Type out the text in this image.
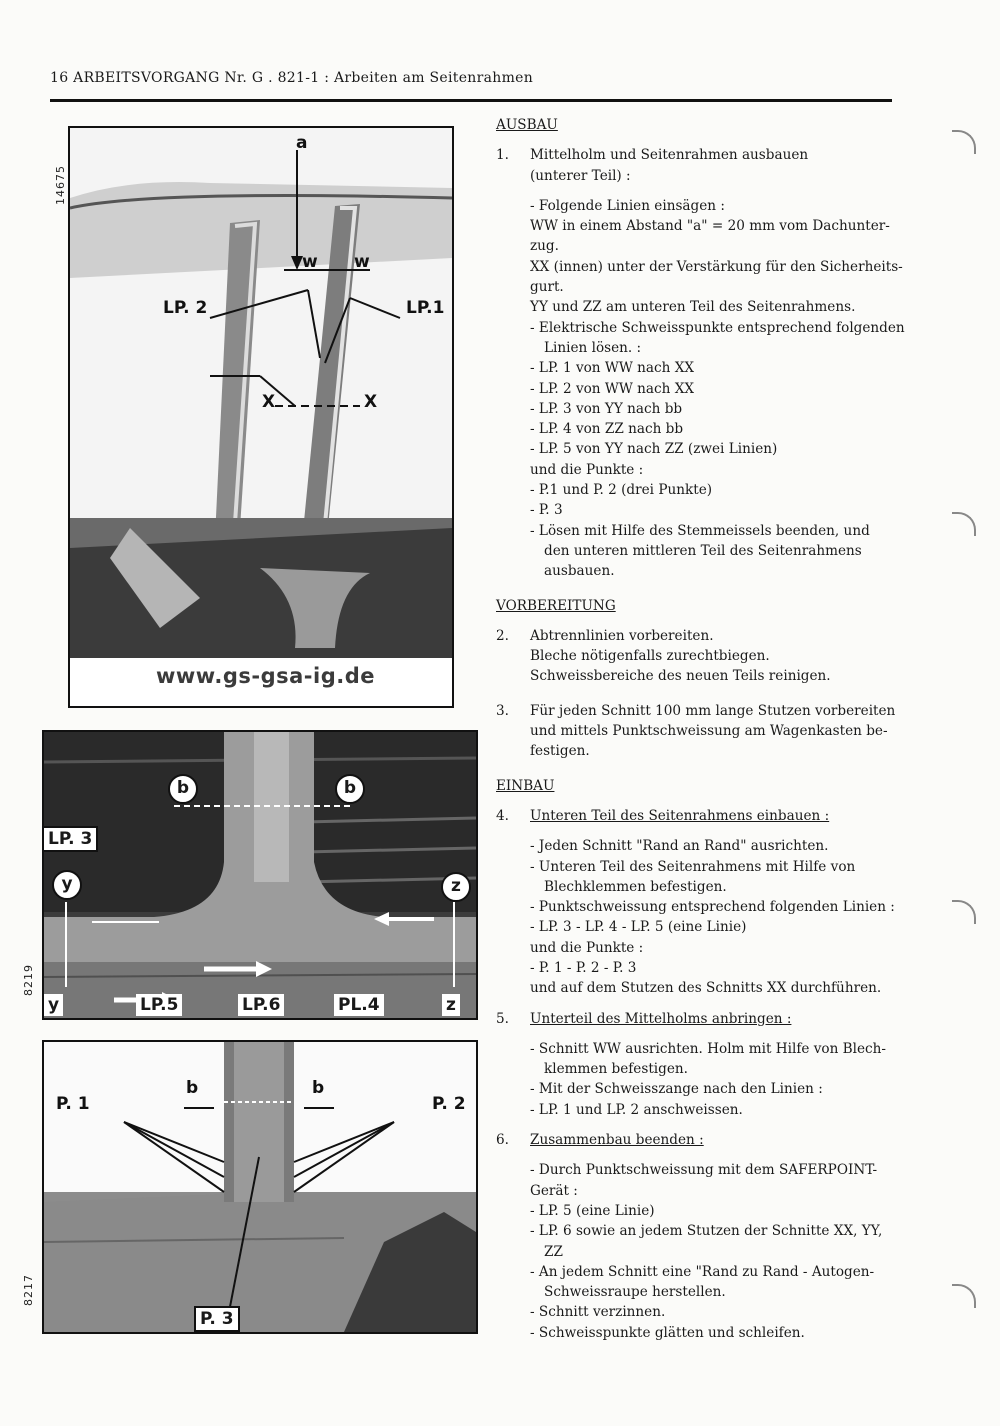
16 ARBEITSVORGANG Nr. G . 821-1 : Arbeiten am Seitenrahmen
14675
a
w w
LP. 2	LP.1
X	X
www.gs-gsa-ig.de
8219
b	b
LP. 3
y	z
y	LP.5	LP.6	PL.4	z
8217
b	b
P. 1	P. 2
P. 3

AUSBAU

1. Mittelholm und Seitenrahmen ausbauen

(unterer Teil) :

- Folgende Linien einsägen :

WW in einem Abstand "a" = 20 mm vom Dachunter-

zug.

XX (innen) unter der Verstärkung für den Sicherheits-

gurt.

YY und ZZ am unteren Teil des Seitenrahmens.

- Elektrische Schweisspunkte entsprechend folgenden

Linien lösen. :

- LP. 1 von WW nach XX

- LP. 2 von WW nach XX

- LP. 3 von YY nach bb

- LP. 4 von ZZ nach bb

- LP. 5 von YY nach ZZ (zwei Linien)

und die Punkte :

- P.1 und P. 2 (drei Punkte)

- P. 3

- Lösen mit Hilfe des Stemmeissels beenden, und

den unteren mittleren Teil des Seitenrahmens

ausbauen.

VORBEREITUNG

2. Abtrennlinien vorbereiten.

Bleche nötigenfalls zurechtbiegen.

Schweissbereiche des neuen Teils reinigen.

3. Für jeden Schnitt 100 mm lange Stutzen vorbereiten

und mittels Punktschweissung am Wagenkasten be-

festigen.

EINBAU

4. Unteren Teil des Seitenrahmens einbauen :

- Jeden Schnitt "Rand an Rand" ausrichten.

- Unteren Teil des Seitenrahmens mit Hilfe von

Blechklemmen befestigen.

- Punktschweissung entsprechend folgenden Linien :

- LP. 3 - LP. 4 - LP. 5 (eine Linie)

und die Punkte :

- P. 1 - P. 2 - P. 3

und auf dem Stutzen des Schnitts XX durchführen.

5. Unterteil des Mittelholms anbringen :

- Schnitt WW ausrichten. Holm mit Hilfe von Blech-

klemmen befestigen.

- Mit der Schweisszange nach den Linien :

- LP. 1 und LP. 2 anschweissen.

6. Zusammenbau beenden :

- Durch Punktschweissung mit dem SAFERPOINT-Gerät :

- LP. 5 (eine Linie)

- LP. 6 sowie an jedem Stutzen der Schnitte XX, YY,

ZZ

- An jedem Schnitt eine "Rand zu Rand - Autogen-

Schweissraupe herstellen.

- Schnitt verzinnen.

- Schweisspunkte glätten und schleifen.
